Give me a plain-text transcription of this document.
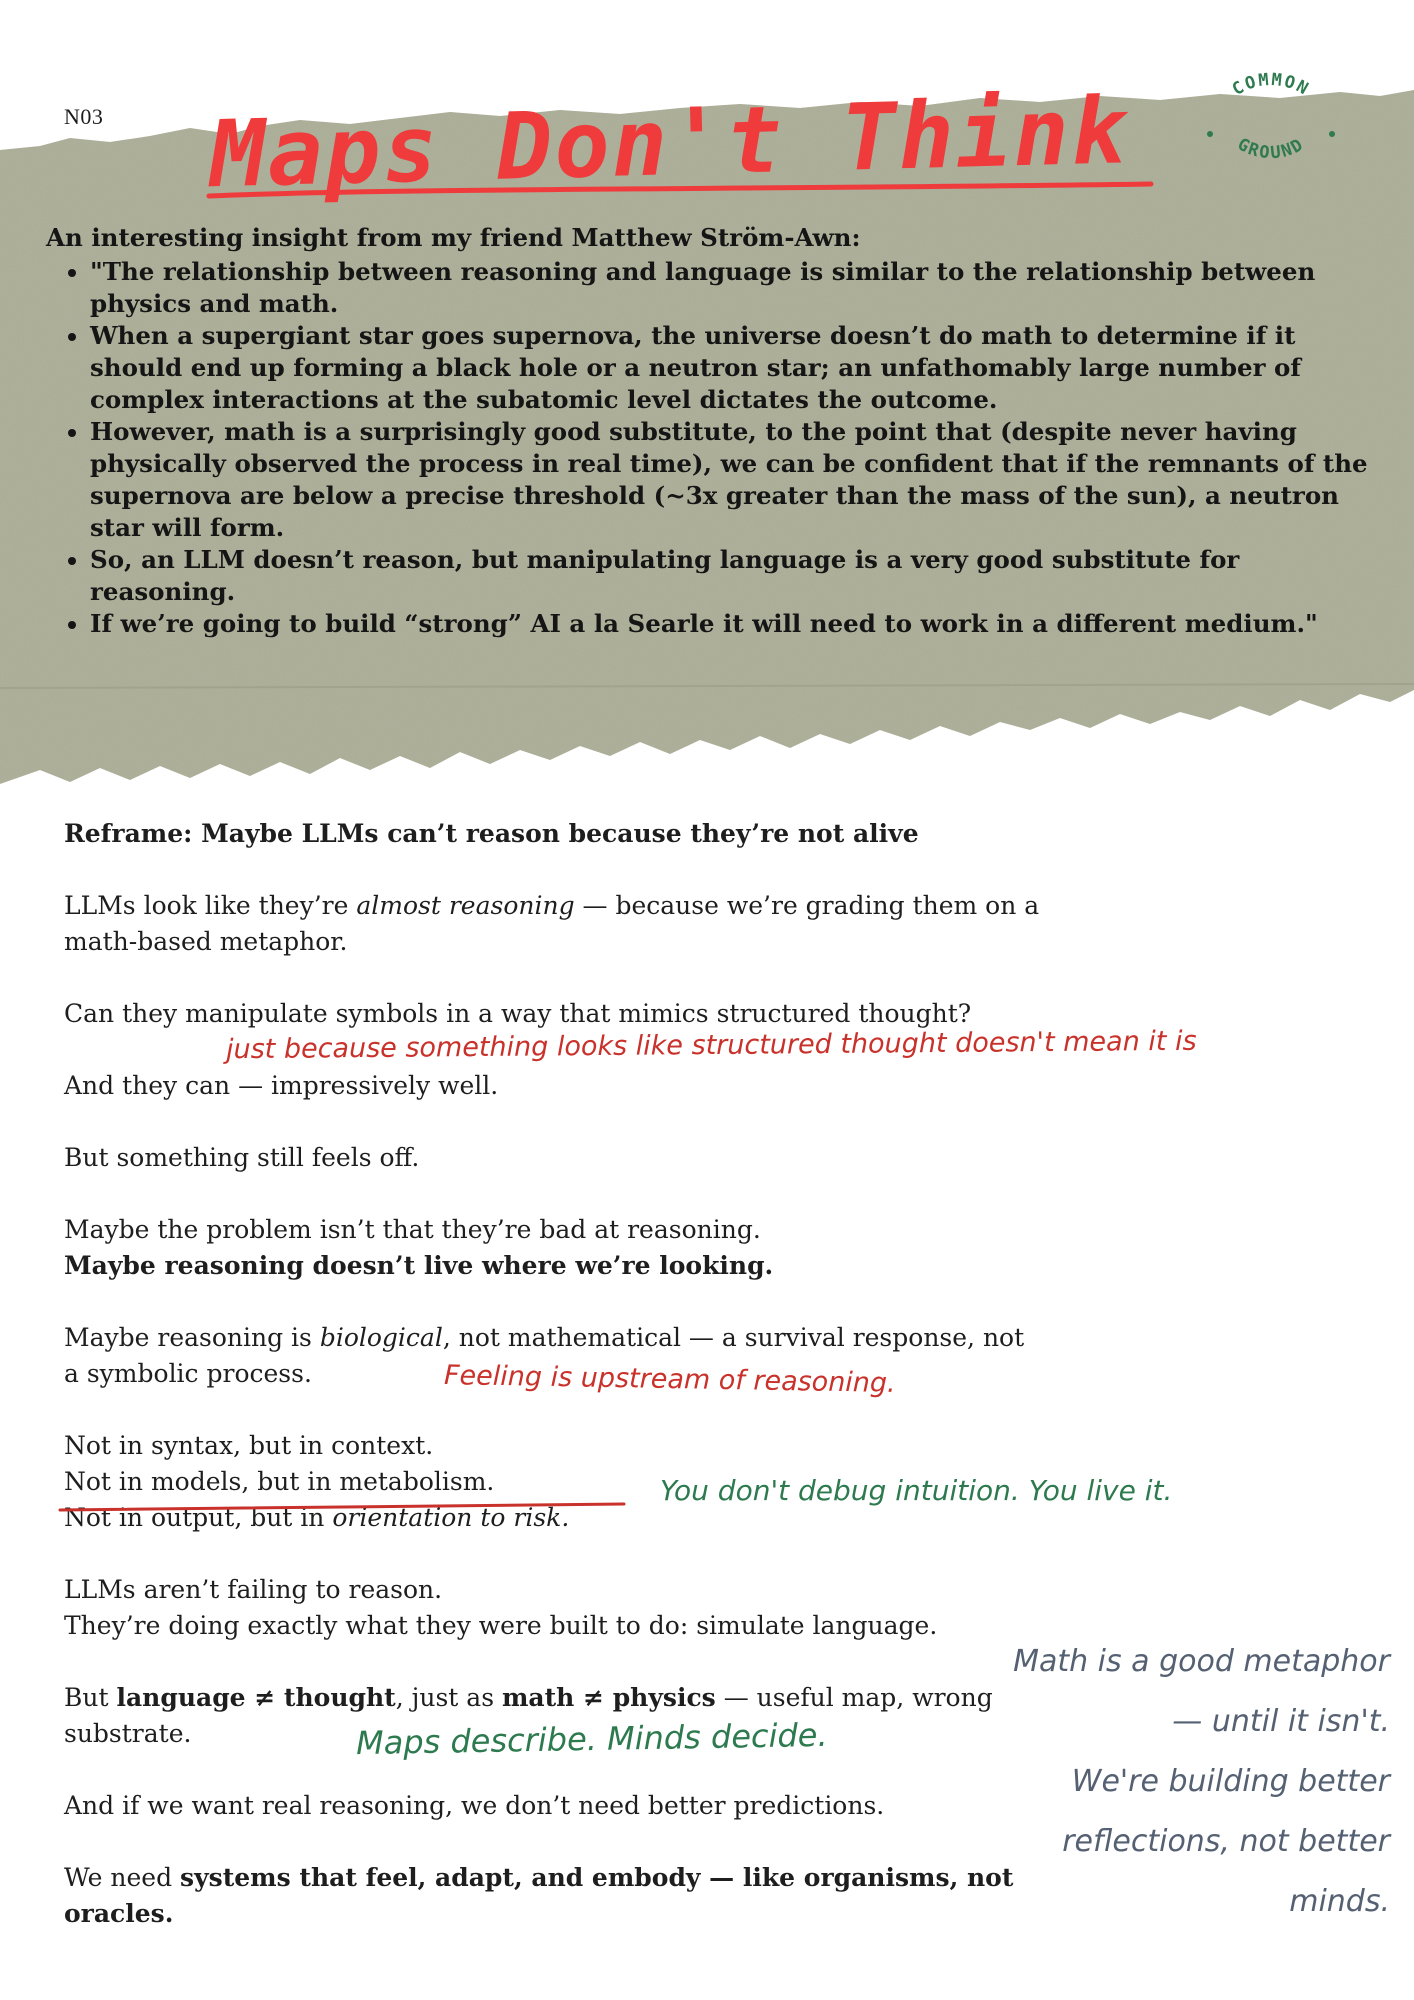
N03 Maps Don't Think	COMMON
GROUND

An interesting insight from my friend Matthew Ström-Awn:

• "The relationship between reasoning and language is similar to the relationship between physics and math.
• When a supergiant star goes supernova, the universe doesn’t do math to determine if it should end up forming a black hole or a neutron star; an unfathomably large number of complex interactions at the subatomic level dictates the outcome.
• However, math is a surprisingly good substitute, to the point that (despite never having physically observed the process in real time), we can be confident that if the remnants of the supernova are below a precise threshold (~3x greater than the mass of the sun), a neutron star will form.
• So, an LLM doesn’t reason, but manipulating language is a very good substitute for reasoning.
• If we’re going to build “strong” AI a la Searle it will need to work in a different medium."

Reframe: Maybe LLMs can’t reason because they’re not alive

LLMs look like they’re almost reasoning — because we’re grading them on a

math-based metaphor.

Can they manipulate symbols in a way that mimics structured thought?

And they can — impressively well.

But something still feels off.

Maybe the problem isn’t that they’re bad at reasoning.

Maybe reasoning doesn’t live where we’re looking.

Maybe reasoning is biological, not mathematical — a survival response, not

a symbolic process.

Not in syntax, but in context.

Not in models, but in metabolism.

Not in output, but in orientation to risk.

LLMs aren’t failing to reason.

They’re doing exactly what they were built to do: simulate language.

But language ≠ thought, just as math ≠ physics — useful map, wrong

substrate.

And if we want real reasoning, we don’t need better predictions.

We need systems that feel, adapt, and embody — like organisms, not

oracles.

just because something looks like structured thought doesn't mean it is
Feeling is upstream of reasoning.
You don't debug intuition. You live it.
Maps describe. Minds decide.
Math is a good metaphor
— until it isn't.
We're building better
reflections, not better
minds.
